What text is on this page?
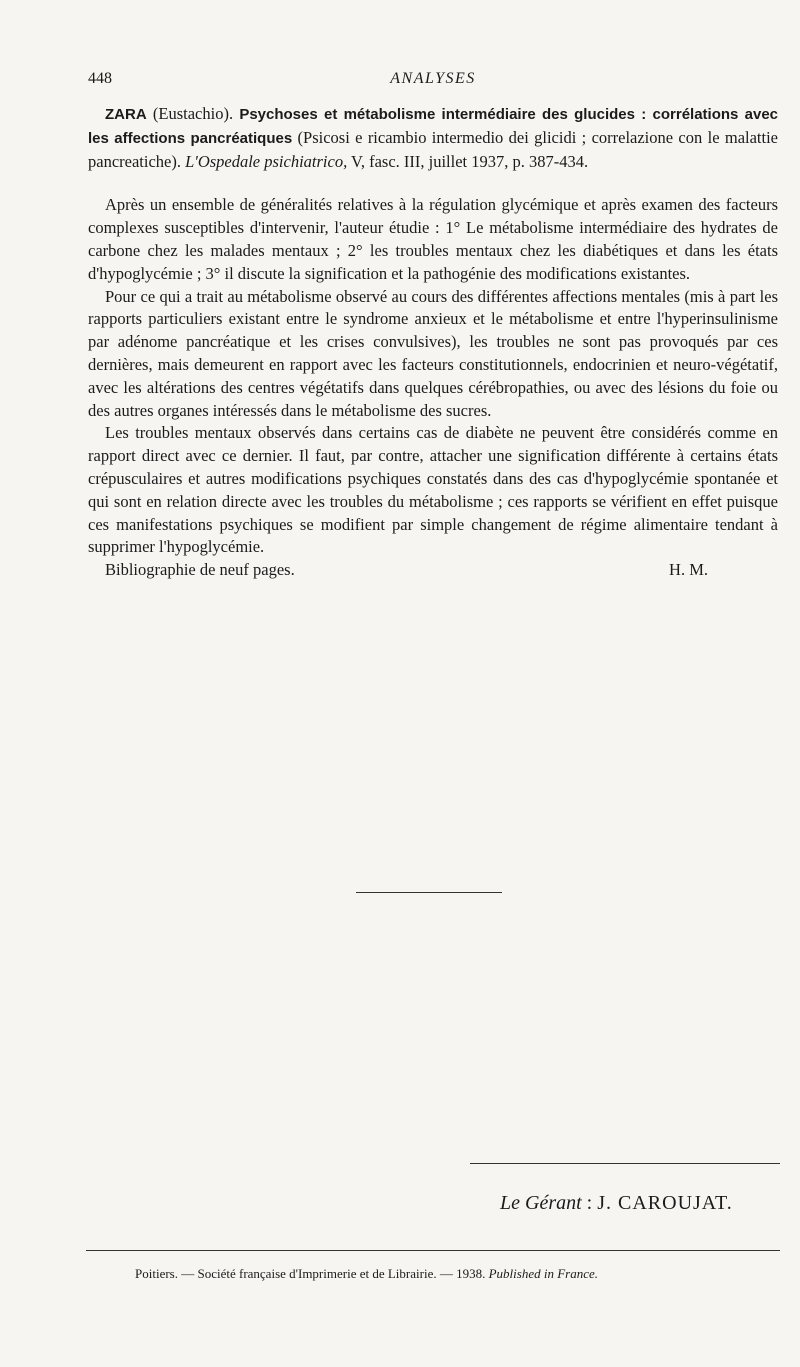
448	ANALYSES

ZARA (Eustachio). Psychoses et métabolisme intermédiaire des glucides : corrélations avec les affections pancréatiques (Psicosi e ricambio intermedio dei glicidi ; correlazione con le malattie pancreatiche). L'Ospedale psichiatrico, V, fasc. III, juillet 1937, p. 387-434.

Après un ensemble de généralités relatives à la régulation glycémique et après examen des facteurs complexes susceptibles d'intervenir, l'auteur étudie : 1° Le métabolisme intermédiaire des hydrates de carbone chez les malades mentaux ; 2° les troubles mentaux chez les diabétiques et dans les états d'hypoglycémie ; 3° il discute la signification et la pathogénie des modifications existantes.

Pour ce qui a trait au métabolisme observé au cours des différentes affections mentales (mis à part les rapports particuliers existant entre le syndrome anxieux et le métabolisme et entre l'hyperinsulinisme par adénome pancréatique et les crises convulsives), les troubles ne sont pas provoqués par ces dernières, mais demeurent en rapport avec les facteurs constitutionnels, endocrinien et neuro-végétatif, avec les altérations des centres végétatifs dans quelques cérébropathies, ou avec des lésions du foie ou des autres organes intéressés dans le métabolisme des sucres.

Les troubles mentaux observés dans certains cas de diabète ne peuvent être considérés comme en rapport direct avec ce dernier. Il faut, par contre, attacher une signification différente à certains états crépusculaires et autres modifications psychiques constatés dans des cas d'hypoglycémie spontanée et qui sont en relation directe avec les troubles du métabolisme ; ces rapports se vérifient en effet puisque ces manifestations psychiques se modifient par simple changement de régime alimentaire tendant à supprimer l'hypoglycémie.

Bibliographie de neuf pages.	H. M.

Le Gérant : J. CAROUJAT.
Poitiers. — Société française d'Imprimerie et de Librairie. — 1938. Published in France.
